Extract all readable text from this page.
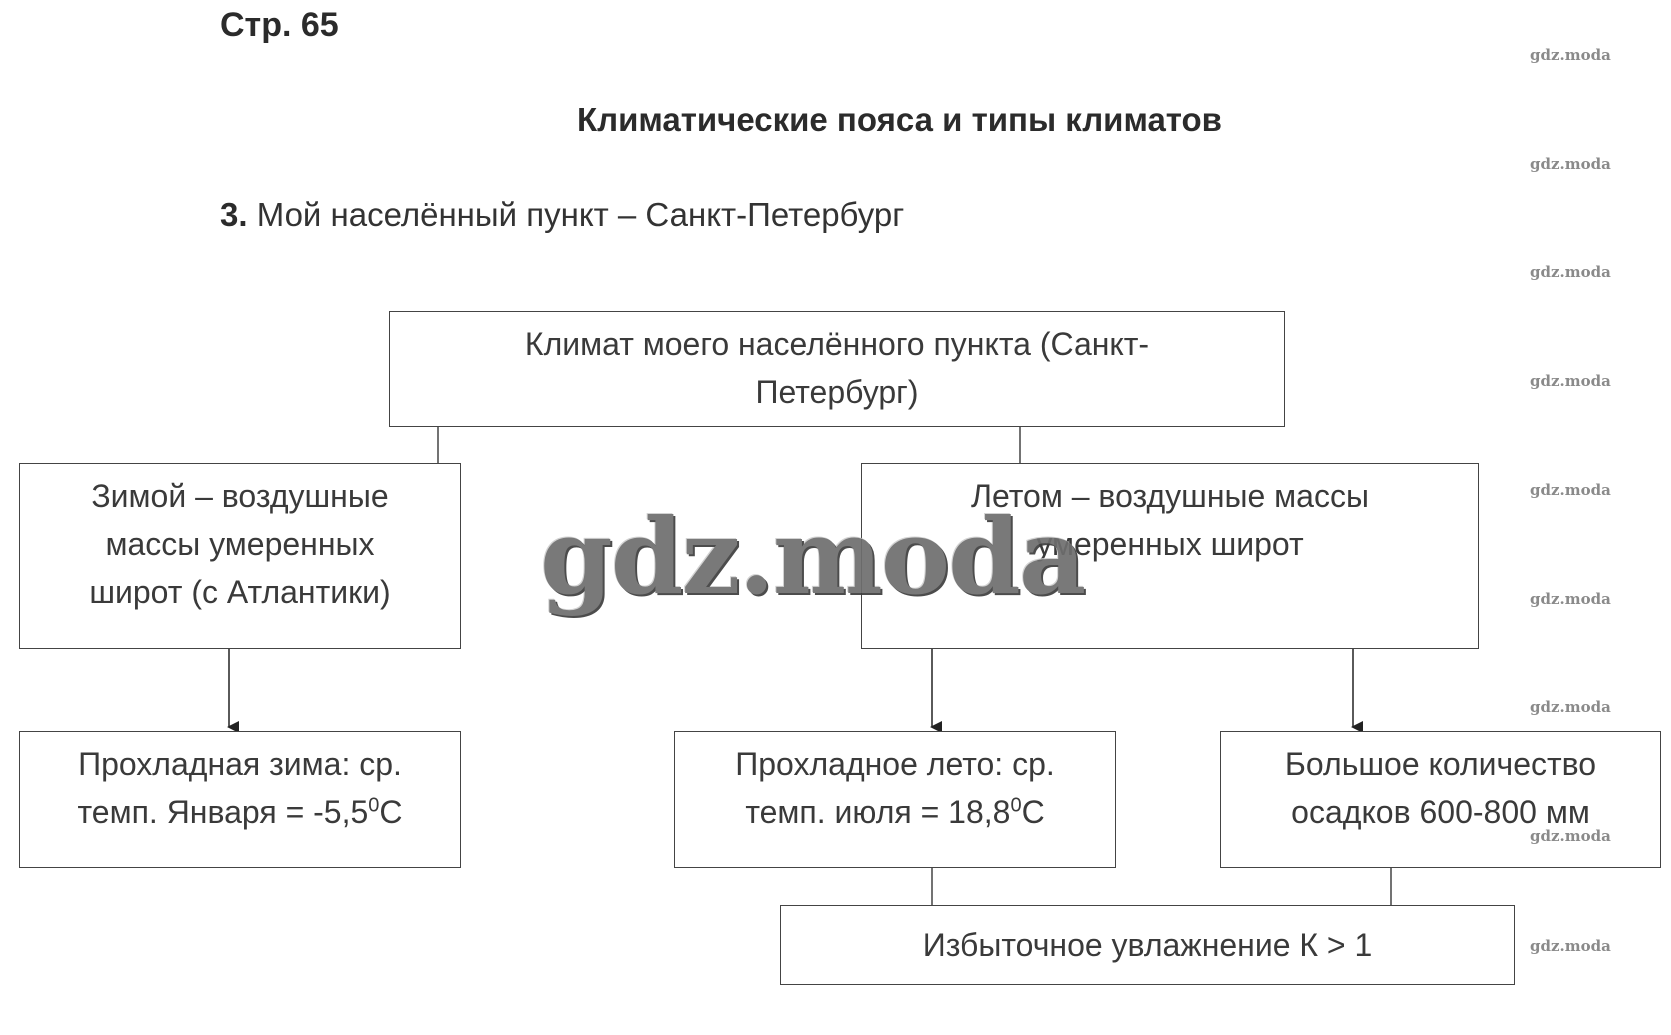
Стр. 65
Климатические пояса и типы климатов
3. Мой населённый пункт – Санкт-Петербург
Климат моего населённого пункта (Санкт-
Петербург)
Зимой – воздушные
массы умеренных
широт (с Атлантики)
Летом – воздушные массы
умеренных широт
Прохладная зима: ср.
темп. Января = $-5,5^0С$
Прохладное лето: ср.
темп. июля = $18,8^0С$
Большое количество
осадков 600-800 мм
Избыточное увлажнение К > 1
gdz.moda
gdz.moda
gdz.moda
gdz.moda
gdz.moda
gdz.moda
gdz.moda
gdz.moda
gdz.moda
gdz.moda
